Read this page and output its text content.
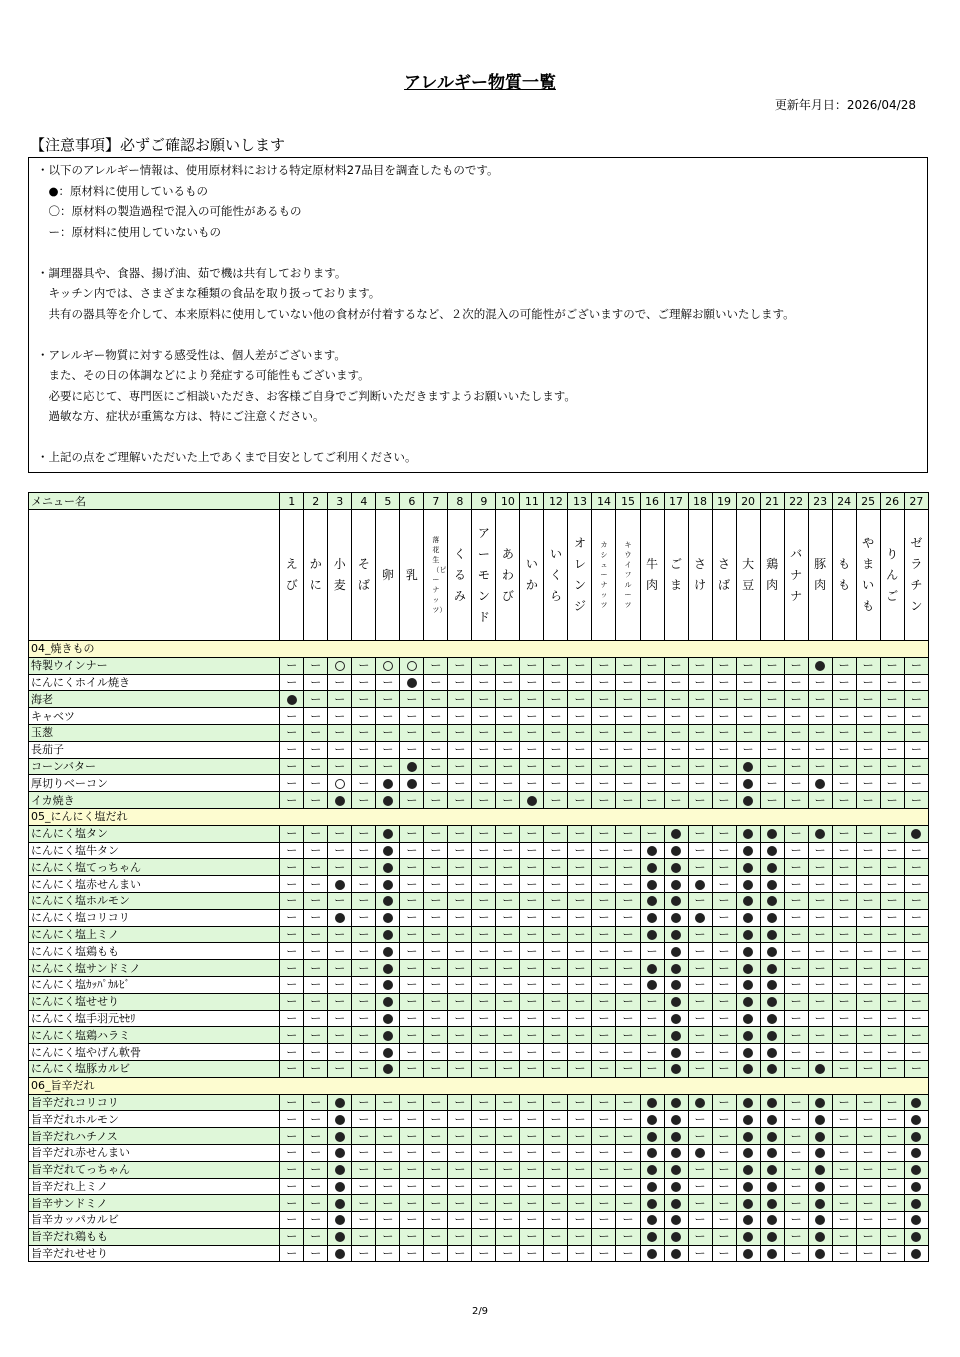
アレルギー物質一覧
更新年月日：2026/04/28
【注意事項】必ずご確認お願いします
・以下のアレルギー情報は、使用原材料における特定原材料27品目を調査したものです。
　●：原材料に使用しているもの
　〇：原材料の製造過程で混入の可能性があるもの
　ー：原材料に使用していないもの

・調理器具や、食器、揚げ油、茹で機は共有しております。
　キッチン内では、さまざまな種類の食品を取り扱っております。
　共有の器具等を介して、本来原料に使用していない他の食材が付着するなど、２次的混入の可能性がございますので、ご理解お願いいたします。

・アレルギー物質に対する感受性は、個人差がございます。
　また、その日の体調などにより発症する可能性もございます。
　必要に応じて、専門医にご相談いただき、お客様ご自身でご判断いただきますようお願いいたします。
　過敏な方、症状が重篤な方は、特にご注意ください。

・上記の点をご理解いただいた上であくまで目安としてご利用ください。
メニュー名	1	2	3	4	5	6	7	8	9	10	11	12	13	14	15	16	17	18	19	20	21	22	23	24	25	26	27
	えび	かに	小麦	そば	卵	乳	落花生（ピーナッツ）	くるみ	アーモンド	あわび	いか	いくら	オレンジ	カシューナッツ	キウイフルーツ	牛肉	ごま	さけ	さば	大豆	鶏肉	バナナ	豚肉	もも	やまいも	りんご	ゼラチン
04_焼きもの																											
特製ウインナー	ー	ー		ー			ー	ー	ー	ー	ー	ー	ー	ー	ー	ー	ー	ー	ー	ー	ー	ー		ー	ー	ー	ー
にんにくホイル焼き	ー	ー	ー	ー	ー		ー	ー	ー	ー	ー	ー	ー	ー	ー	ー	ー	ー	ー	ー	ー	ー	ー	ー	ー	ー	ー
海老		ー	ー	ー	ー	ー	ー	ー	ー	ー	ー	ー	ー	ー	ー	ー	ー	ー	ー	ー	ー	ー	ー	ー	ー	ー	ー
キャベツ	ー	ー	ー	ー	ー	ー	ー	ー	ー	ー	ー	ー	ー	ー	ー	ー	ー	ー	ー	ー	ー	ー	ー	ー	ー	ー	ー
玉葱	ー	ー	ー	ー	ー	ー	ー	ー	ー	ー	ー	ー	ー	ー	ー	ー	ー	ー	ー	ー	ー	ー	ー	ー	ー	ー	ー
長茄子	ー	ー	ー	ー	ー	ー	ー	ー	ー	ー	ー	ー	ー	ー	ー	ー	ー	ー	ー	ー	ー	ー	ー	ー	ー	ー	ー
コーンバター	ー	ー	ー	ー	ー		ー	ー	ー	ー	ー	ー	ー	ー	ー	ー	ー	ー	ー		ー	ー	ー	ー	ー	ー	ー
厚切りベーコン	ー	ー		ー			ー	ー	ー	ー	ー	ー	ー	ー	ー	ー	ー	ー	ー		ー	ー		ー	ー	ー	ー
イカ焼き	ー	ー		ー		ー	ー	ー	ー	ー		ー	ー	ー	ー	ー	ー	ー	ー		ー	ー	ー	ー	ー	ー	ー
05_にんにく塩だれ																											
にんにく塩タン	ー	ー	ー	ー		ー	ー	ー	ー	ー	ー	ー	ー	ー	ー	ー		ー	ー			ー		ー	ー	ー	
にんにく塩牛タン	ー	ー	ー	ー		ー	ー	ー	ー	ー	ー	ー	ー	ー	ー			ー	ー			ー	ー	ー	ー	ー	ー
にんにく塩てっちゃん	ー	ー	ー	ー		ー	ー	ー	ー	ー	ー	ー	ー	ー	ー			ー	ー			ー	ー	ー	ー	ー	ー
にんにく塩赤せんまい	ー	ー		ー		ー	ー	ー	ー	ー	ー	ー	ー	ー	ー				ー			ー	ー	ー	ー	ー	ー
にんにく塩ホルモン	ー	ー	ー	ー		ー	ー	ー	ー	ー	ー	ー	ー	ー	ー			ー	ー			ー	ー	ー	ー	ー	ー
にんにく塩コリコリ	ー	ー		ー		ー	ー	ー	ー	ー	ー	ー	ー	ー	ー				ー			ー	ー	ー	ー	ー	ー
にんにく塩上ミノ	ー	ー	ー	ー		ー	ー	ー	ー	ー	ー	ー	ー	ー	ー			ー	ー			ー	ー	ー	ー	ー	ー
にんにく塩鶏もも	ー	ー	ー	ー		ー	ー	ー	ー	ー	ー	ー	ー	ー	ー	ー		ー	ー			ー	ー	ー	ー	ー	ー
にんにく塩サンドミノ	ー	ー	ー	ー		ー	ー	ー	ー	ー	ー	ー	ー	ー	ー			ー	ー			ー	ー	ー	ー	ー	ー
にんにく塩ｶｯﾊﾟｶﾙﾋﾞ	ー	ー	ー	ー		ー	ー	ー	ー	ー	ー	ー	ー	ー	ー			ー	ー			ー	ー	ー	ー	ー	ー
にんにく塩せせり	ー	ー	ー	ー		ー	ー	ー	ー	ー	ー	ー	ー	ー	ー	ー		ー	ー			ー	ー	ー	ー	ー	ー
にんにく塩手羽元ｾｾﾘ	ー	ー	ー	ー		ー	ー	ー	ー	ー	ー	ー	ー	ー	ー	ー		ー	ー			ー	ー	ー	ー	ー	ー
にんにく塩鶏ハラミ	ー	ー	ー	ー		ー	ー	ー	ー	ー	ー	ー	ー	ー	ー	ー		ー	ー			ー	ー	ー	ー	ー	ー
にんにく塩やげん軟骨	ー	ー	ー	ー		ー	ー	ー	ー	ー	ー	ー	ー	ー	ー	ー		ー	ー			ー	ー	ー	ー	ー	ー
にんにく塩豚カルビ	ー	ー	ー	ー		ー	ー	ー	ー	ー	ー	ー	ー	ー	ー	ー		ー	ー			ー		ー	ー	ー	ー
06_旨辛だれ																											
旨辛だれコリコリ	ー	ー		ー	ー	ー	ー	ー	ー	ー	ー	ー	ー	ー	ー				ー			ー		ー	ー	ー	
旨辛だれホルモン	ー	ー		ー	ー	ー	ー	ー	ー	ー	ー	ー	ー	ー	ー			ー	ー			ー		ー	ー	ー	
旨辛だれハチノス	ー	ー		ー	ー	ー	ー	ー	ー	ー	ー	ー	ー	ー	ー			ー	ー			ー		ー	ー	ー	
旨辛だれ赤せんまい	ー	ー		ー	ー	ー	ー	ー	ー	ー	ー	ー	ー	ー	ー				ー			ー		ー	ー	ー	
旨辛だれてっちゃん	ー	ー		ー	ー	ー	ー	ー	ー	ー	ー	ー	ー	ー	ー			ー	ー			ー		ー	ー	ー	
旨辛だれ上ミノ	ー	ー		ー	ー	ー	ー	ー	ー	ー	ー	ー	ー	ー	ー			ー	ー			ー		ー	ー	ー	
旨辛サンドミノ	ー	ー		ー	ー	ー	ー	ー	ー	ー	ー	ー	ー	ー	ー			ー	ー			ー		ー	ー	ー	
旨辛カッパカルビ	ー	ー		ー	ー	ー	ー	ー	ー	ー	ー	ー	ー	ー	ー			ー	ー			ー		ー	ー	ー	
旨辛だれ鶏もも	ー	ー		ー	ー	ー	ー	ー	ー	ー	ー	ー	ー	ー	ー			ー	ー			ー		ー	ー	ー	
旨辛だれせせり	ー	ー		ー	ー	ー	ー	ー	ー	ー	ー	ー	ー	ー	ー			ー	ー			ー		ー	ー	ー	
2/9
